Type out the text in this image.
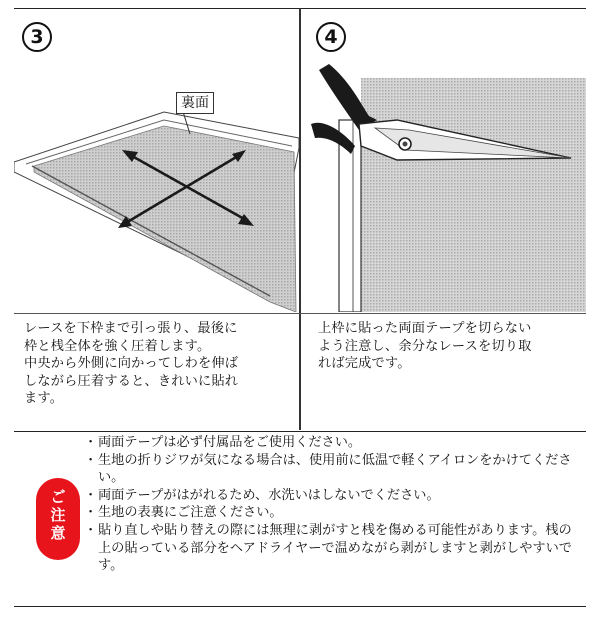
3
裏面
レースを下枠まで引っ張り、最後に
枠と桟全体を強く圧着します。
中央から外側に向かってしわを伸ば
しながら圧着すると、きれいに貼れ
ます。
4
上枠に貼った両面テープを切らない
よう注意し、余分なレースを切り取
れば完成です。
ご
注
意
・ 両面テープは必ず付属品をご使用ください。
・ 生地の折りジワが気になる場合は、使用前に低温で軽くアイロンをかけてください。
・ 両面テープがはがれるため、水洗いはしないでください。
・ 生地の表裏にご注意ください。
・ 貼り直しや貼り替えの際には無理に剥がすと桟を傷める可能性があります。桟の上の貼っている部分をヘアドライヤーで温めながら剥がしますと剥がしやすいです。
